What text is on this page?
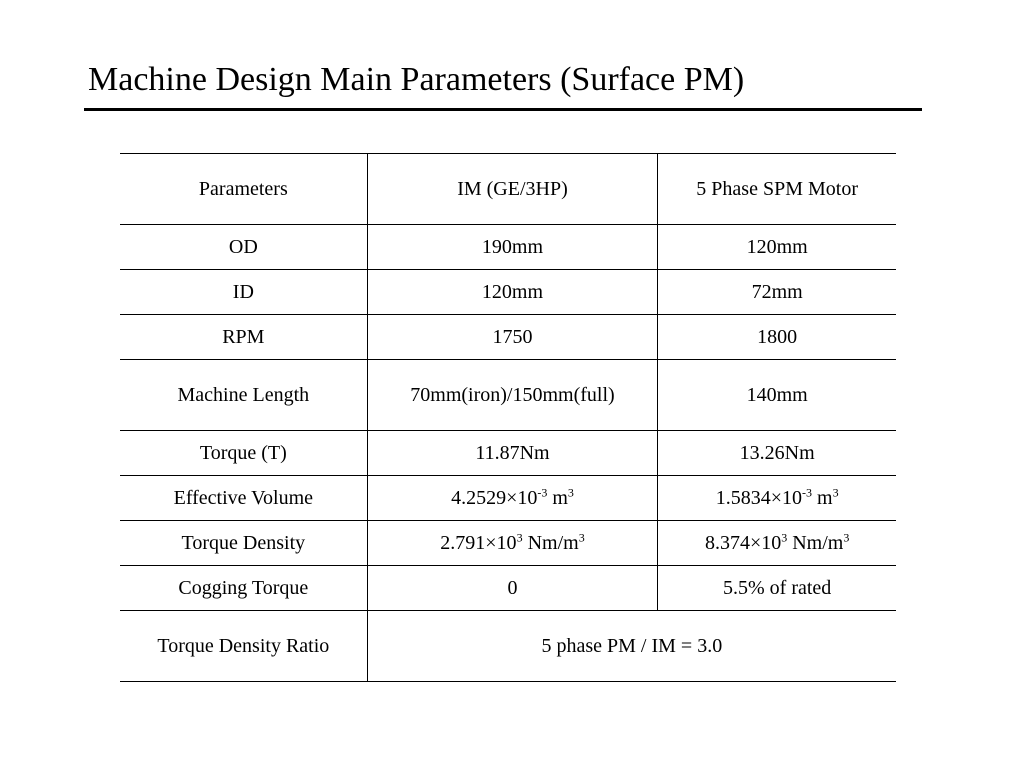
Machine Design Main Parameters (Surface PM)
Parameters	IM (GE/3HP)	5 Phase SPM Motor
OD	190mm	120mm
ID	120mm	72mm
RPM	1750	1800
Machine Length	70mm(iron)/150mm(full)	140mm
Torque (T)	11.87Nm	13.26Nm
Effective Volume	$4.2529\times 10^{-3}$ $m^3$	$1.5834\times 10^{-3}$ $m^3$
Torque Density	$2.791\times 10^3$ $Nm/m^3$	$8.374\times 10^3$ $Nm/m^3$
Cogging Torque	0	5.5% of rated
Torque Density Ratio	5 phase PM / IM = 3.0	
